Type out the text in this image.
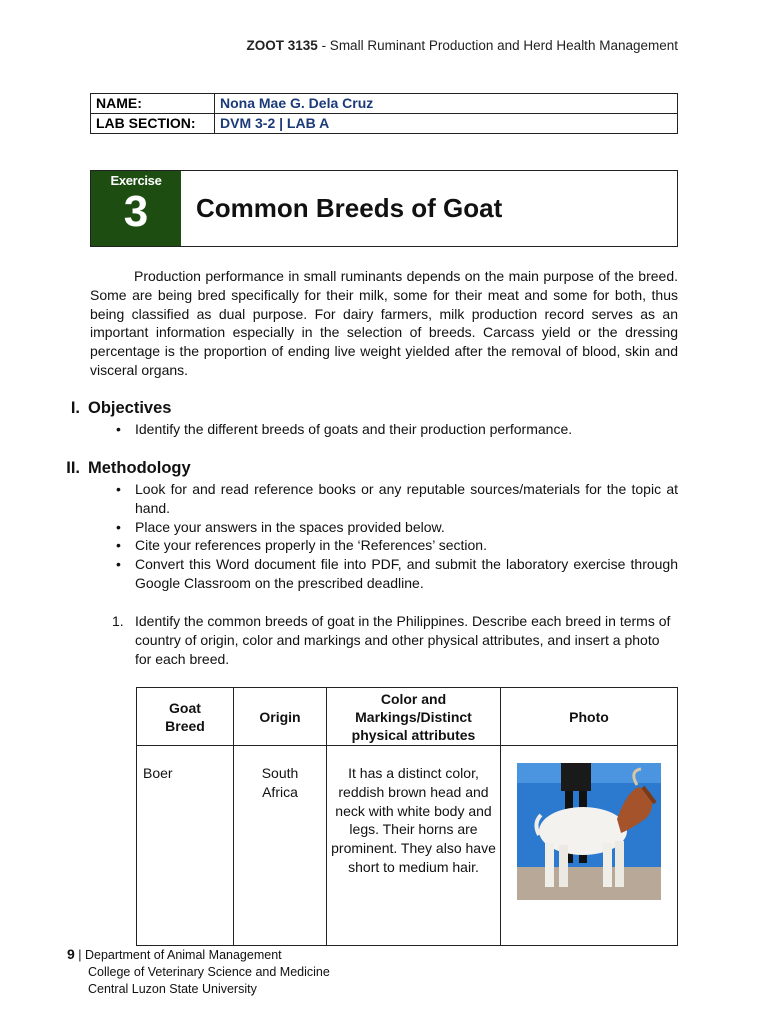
ZOOT 3135 - Small Ruminant Production and Herd Health Management
NAME:	Nona Mae G. Dela Cruz
LAB SECTION:	DVM 3-2 | LAB A
Exercise
3	Common Breeds of Goat
Production performance in small ruminants depends on the main purpose of the breed. Some are being bred specifically for their milk, some for their meat and some for both, thus being classified as dual purpose. For dairy farmers, milk production record serves as an important information especially in the selection of breeds. Carcass yield or the dressing percentage is the proportion of ending live weight yielded after the removal of blood, skin and visceral organs.
I. Objectives
• Identify the different breeds of goats and their production performance.
II. Methodology
• Look for and read reference books or any reputable sources/materials for the topic at hand.
• Place your answers in the spaces provided below.
• Cite your references properly in the ‘References’ section.
• Convert this Word document file into PDF, and submit the laboratory exercise through Google Classroom on the prescribed deadline.
1. Identify the common breeds of goat in the Philippines. Describe each breed in terms of country of origin, color and markings and other physical attributes, and insert a photo for each breed.
Goat Breed	Origin	Color and Markings/Distinct physical attributes	Photo
Boer	South Africa	It has a distinct color, reddish brown head and neck with white body and legs. Their horns are prominent. They also have short to medium hair.	
9 | Department of Animal Management
College of Veterinary Science and Medicine
Central Luzon State University
